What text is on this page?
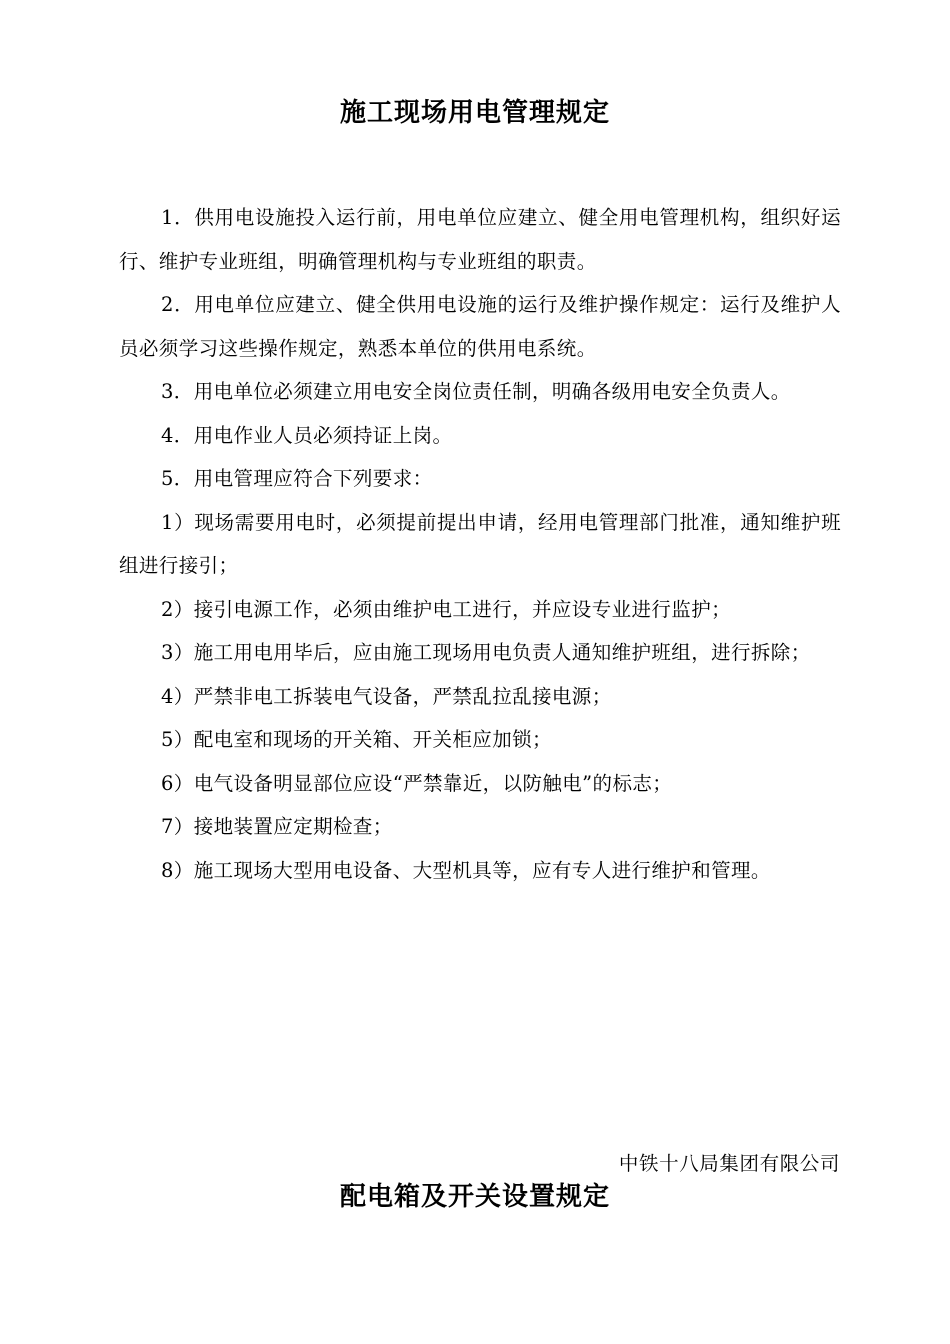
施工现场用电管理规定

1．供用电设施投入运行前，用电单位应建立、健全用电管理机构，组织好运行、维护专业班组，明确管理机构与专业班组的职责。

2．用电单位应建立、健全供用电设施的运行及维护操作规定：运行及维护人员必须学习这些操作规定，熟悉本单位的供用电系统。

3．用电单位必须建立用电安全岗位责任制，明确各级用电安全负责人。

4．用电作业人员必须持证上岗。

5．用电管理应符合下列要求：

1）现场需要用电时，必须提前提出申请，经用电管理部门批准，通知维护班组进行接引；

2）接引电源工作，必须由维护电工进行，并应设专业进行监护；

3）施工用电用毕后，应由施工现场用电负责人通知维护班组，进行拆除；

4）严禁非电工拆装电气设备，严禁乱拉乱接电源；

5）配电室和现场的开关箱、开关柜应加锁；

6）电气设备明显部位应设“严禁靠近，以防触电”的标志；

7）接地装置应定期检查；

8）施工现场大型用电设备、大型机具等，应有专人进行维护和管理。

中铁十八局集团有限公司

配电箱及开关设置规定
